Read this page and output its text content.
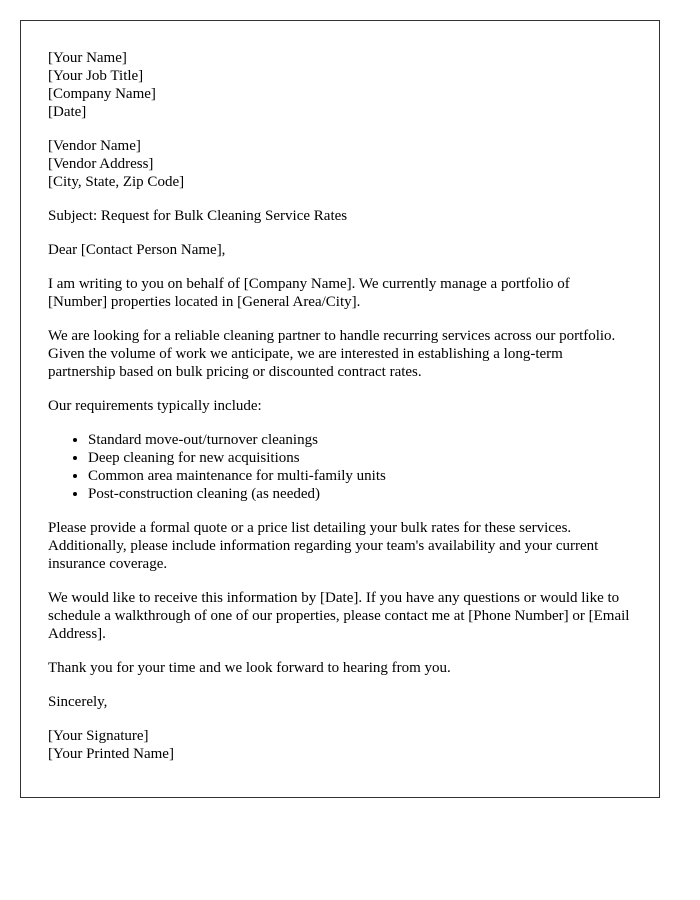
[Your Name]
[Your Job Title]
[Company Name]
[Date]
[Vendor Name]
[Vendor Address]
[City, State, Zip Code]

Subject: Request for Bulk Cleaning Service Rates

Dear [Contact Person Name],

I am writing to you on behalf of [Company Name]. We currently manage a portfolio of [Number] properties located in [General Area/City].

We are looking for a reliable cleaning partner to handle recurring services across our portfolio. Given the volume of work we anticipate, we are interested in establishing a long-term partnership based on bulk pricing or discounted contract rates.

Our requirements typically include:

• Standard move-out/turnover cleanings
• Deep cleaning for new acquisitions
• Common area maintenance for multi-family units
• Post-construction cleaning (as needed)

Please provide a formal quote or a price list detailing your bulk rates for these services. Additionally, please include information regarding your team's availability and your current insurance coverage.

We would like to receive this information by [Date]. If you have any questions or would like to schedule a walkthrough of one of our properties, please contact me at [Phone Number] or [Email Address].

Thank you for your time and we look forward to hearing from you.

Sincerely,

[Your Signature]
[Your Printed Name]
